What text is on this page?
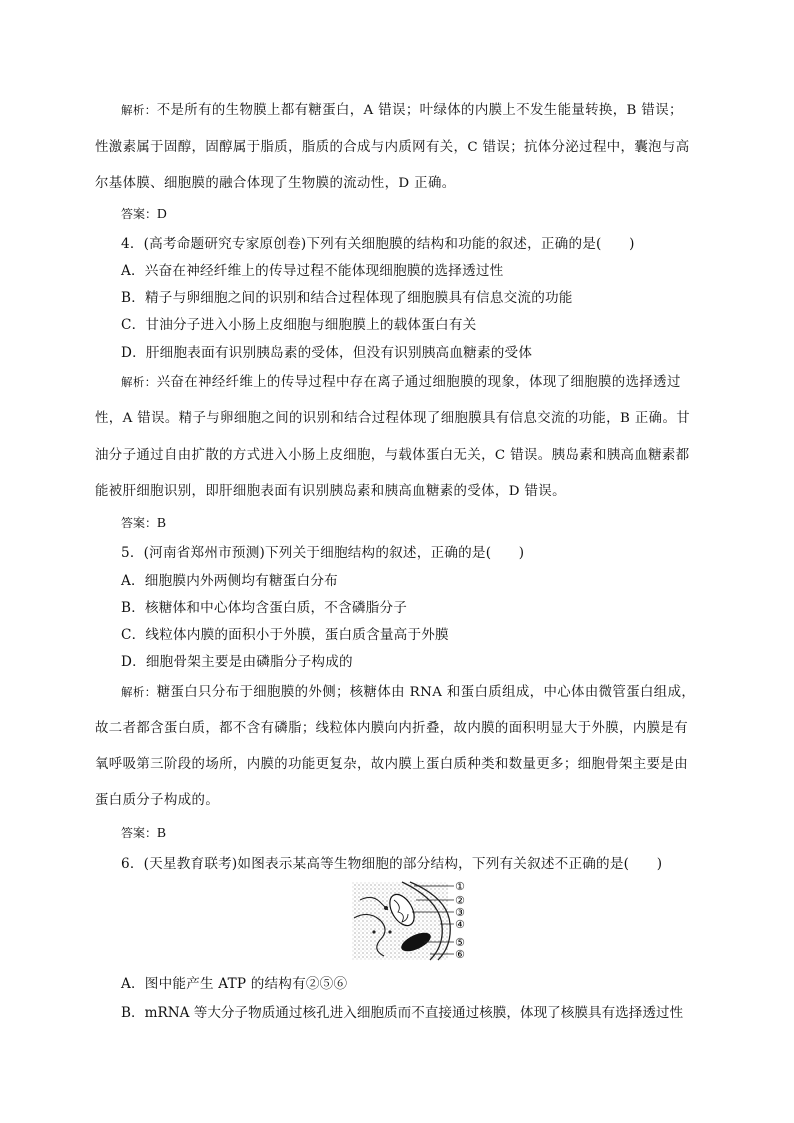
解析：不是所有的生物膜上都有糖蛋白，A 错误；叶绿体的内膜上不发生能量转换，B 错误；
性激素属于固醇，固醇属于脂质，脂质的合成与内质网有关，C 错误；抗体分泌过程中，囊泡与高
尔基体膜、细胞膜的融合体现了生物膜的流动性，D 正确。
答案：D
4．(高考命题研究专家原创卷)下列有关细胞膜的结构和功能的叙述，正确的是(　　)
A．兴奋在神经纤维上的传导过程不能体现细胞膜的选择透过性
B．精子与卵细胞之间的识别和结合过程体现了细胞膜具有信息交流的功能
C．甘油分子进入小肠上皮细胞与细胞膜上的载体蛋白有关
D．肝细胞表面有识别胰岛素的受体，但没有识别胰高血糖素的受体
解析：兴奋在神经纤维上的传导过程中存在离子通过细胞膜的现象，体现了细胞膜的选择透过
性，A 错误。精子与卵细胞之间的识别和结合过程体现了细胞膜具有信息交流的功能，B 正确。甘
油分子通过自由扩散的方式进入小肠上皮细胞，与载体蛋白无关，C 错误。胰岛素和胰高血糖素都
能被肝细胞识别，即肝细胞表面有识别胰岛素和胰高血糖素的受体，D 错误。
答案：B
5．(河南省郑州市预测)下列关于细胞结构的叙述，正确的是(　　)
A．细胞膜内外两侧均有糖蛋白分布
B．核糖体和中心体均含蛋白质，不含磷脂分子
C．线粒体内膜的面积小于外膜，蛋白质含量高于外膜
D．细胞骨架主要是由磷脂分子构成的
解析：糖蛋白只分布于细胞膜的外侧；核糖体由 RNA 和蛋白质组成，中心体由微管蛋白组成，
故二者都含蛋白质，都不含有磷脂；线粒体内膜向内折叠，故内膜的面积明显大于外膜，内膜是有
氧呼吸第三阶段的场所，内膜的功能更复杂，故内膜上蛋白质种类和数量更多；细胞骨架主要是由
蛋白质分子构成的。
答案：B
6．(天星教育联考)如图表示某高等生物细胞的部分结构，下列有关叙述不正确的是(　　)
①
②
③
④
⑤
⑥
A．图中能产生 ATP 的结构有②⑤⑥
B．mRNA 等大分子物质通过核孔进入细胞质而不直接通过核膜，体现了核膜具有选择透过性
